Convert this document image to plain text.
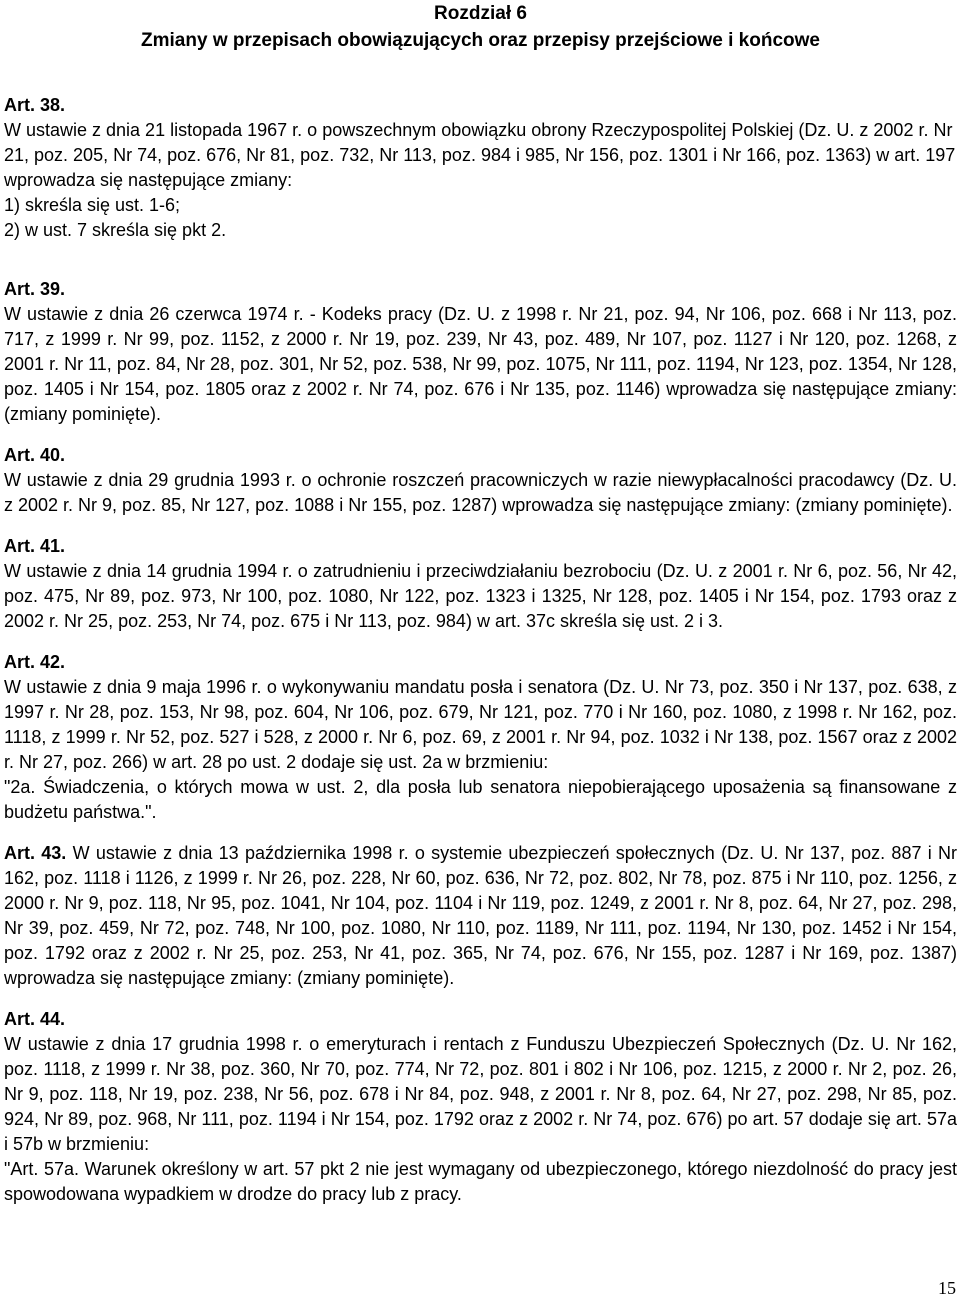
Rozdział 6
Zmiany w przepisach obowiązujących oraz przepisy przejściowe i końcowe
Art. 38.
W ustawie z dnia 21 listopada 1967 r. o powszechnym obowiązku obrony Rzeczypospolitej Polskiej (Dz. U. z 2002 r. Nr 21, poz. 205, Nr 74, poz. 676, Nr 81, poz. 732, Nr 113, poz. 984 i 985, Nr 156, poz. 1301 i Nr 166, poz. 1363) w art. 197 wprowadza się następujące zmiany:
1) skreśla się ust. 1-6;
2) w ust. 7 skreśla się pkt 2.
Art. 39.
W ustawie z dnia 26 czerwca 1974 r. - Kodeks pracy (Dz. U. z 1998 r. Nr 21, poz. 94, Nr 106, poz. 668 i Nr 113, poz. 717, z 1999 r. Nr 99, poz. 1152, z 2000 r. Nr 19, poz. 239, Nr 43, poz. 489, Nr 107, poz. 1127 i Nr 120, poz. 1268, z 2001 r. Nr 11, poz. 84, Nr 28, poz. 301, Nr 52, poz. 538, Nr 99, poz. 1075, Nr 111, poz. 1194, Nr 123, poz. 1354, Nr 128, poz. 1405 i Nr 154, poz. 1805 oraz z 2002 r. Nr 74, poz. 676 i Nr 135, poz. 1146) wprowadza się następujące zmiany: (zmiany pominięte).
Art. 40.
W ustawie z dnia 29 grudnia 1993 r. o ochronie roszczeń pracowniczych w razie niewypłacalności pracodawcy (Dz. U. z 2002 r. Nr 9, poz. 85, Nr 127, poz. 1088 i Nr 155, poz. 1287) wprowadza się następujące zmiany: (zmiany pominięte).
Art. 41.
W ustawie z dnia 14 grudnia 1994 r. o zatrudnieniu i przeciwdziałaniu bezrobociu (Dz. U. z 2001 r. Nr 6, poz. 56, Nr 42, poz. 475, Nr 89, poz. 973, Nr 100, poz. 1080, Nr 122, poz. 1323 i 1325, Nr 128, poz. 1405 i Nr 154, poz. 1793 oraz z 2002 r. Nr 25, poz. 253, Nr 74, poz. 675 i Nr 113, poz. 984) w art. 37c skreśla się ust. 2 i 3.
Art. 42.
W ustawie z dnia 9 maja 1996 r. o wykonywaniu mandatu posła i senatora (Dz. U. Nr 73, poz. 350 i Nr 137, poz. 638, z 1997 r. Nr 28, poz. 153, Nr 98, poz. 604, Nr 106, poz. 679, Nr 121, poz. 770 i Nr 160, poz. 1080, z 1998 r. Nr 162, poz. 1118, z 1999 r. Nr 52, poz. 527 i 528, z 2000 r. Nr 6, poz. 69, z 2001 r. Nr 94, poz. 1032 i Nr 138, poz. 1567 oraz z 2002 r. Nr 27, poz. 266) w art. 28 po ust. 2 dodaje się ust. 2a w brzmieniu:
"2a. Świadczenia, o których mowa w ust. 2, dla posła lub senatora niepobierającego uposażenia są finansowane z budżetu państwa.".
Art. 43. W ustawie z dnia 13 października 1998 r. o systemie ubezpieczeń społecznych (Dz. U. Nr 137, poz. 887 i Nr 162, poz. 1118 i 1126, z 1999 r. Nr 26, poz. 228, Nr 60, poz. 636, Nr 72, poz. 802, Nr 78, poz. 875 i Nr 110, poz. 1256, z 2000 r. Nr 9, poz. 118, Nr 95, poz. 1041, Nr 104, poz. 1104 i Nr 119, poz. 1249, z 2001 r. Nr 8, poz. 64, Nr 27, poz. 298, Nr 39, poz. 459, Nr 72, poz. 748, Nr 100, poz. 1080, Nr 110, poz. 1189, Nr 111, poz. 1194, Nr 130, poz. 1452 i Nr 154, poz. 1792 oraz z 2002 r. Nr 25, poz. 253, Nr 41, poz. 365, Nr 74, poz. 676, Nr 155, poz. 1287 i Nr 169, poz. 1387) wprowadza się następujące zmiany: (zmiany pominięte).
Art. 44.
W ustawie z dnia 17 grudnia 1998 r. o emeryturach i rentach z Funduszu Ubezpieczeń Społecznych (Dz. U. Nr 162, poz. 1118, z 1999 r. Nr 38, poz. 360, Nr 70, poz. 774, Nr 72, poz. 801 i 802 i Nr 106, poz. 1215, z 2000 r. Nr 2, poz. 26, Nr 9, poz. 118, Nr 19, poz. 238, Nr 56, poz. 678 i Nr 84, poz. 948, z 2001 r. Nr 8, poz. 64, Nr 27, poz. 298, Nr 85, poz. 924, Nr 89, poz. 968, Nr 111, poz. 1194 i Nr 154, poz. 1792 oraz z 2002 r. Nr 74, poz. 676) po art. 57 dodaje się art. 57a i 57b w brzmieniu:
"Art. 57a. Warunek określony w art. 57 pkt 2 nie jest wymagany od ubezpieczonego, którego niezdolność do pracy jest spowodowana wypadkiem w drodze do pracy lub z pracy.
15
